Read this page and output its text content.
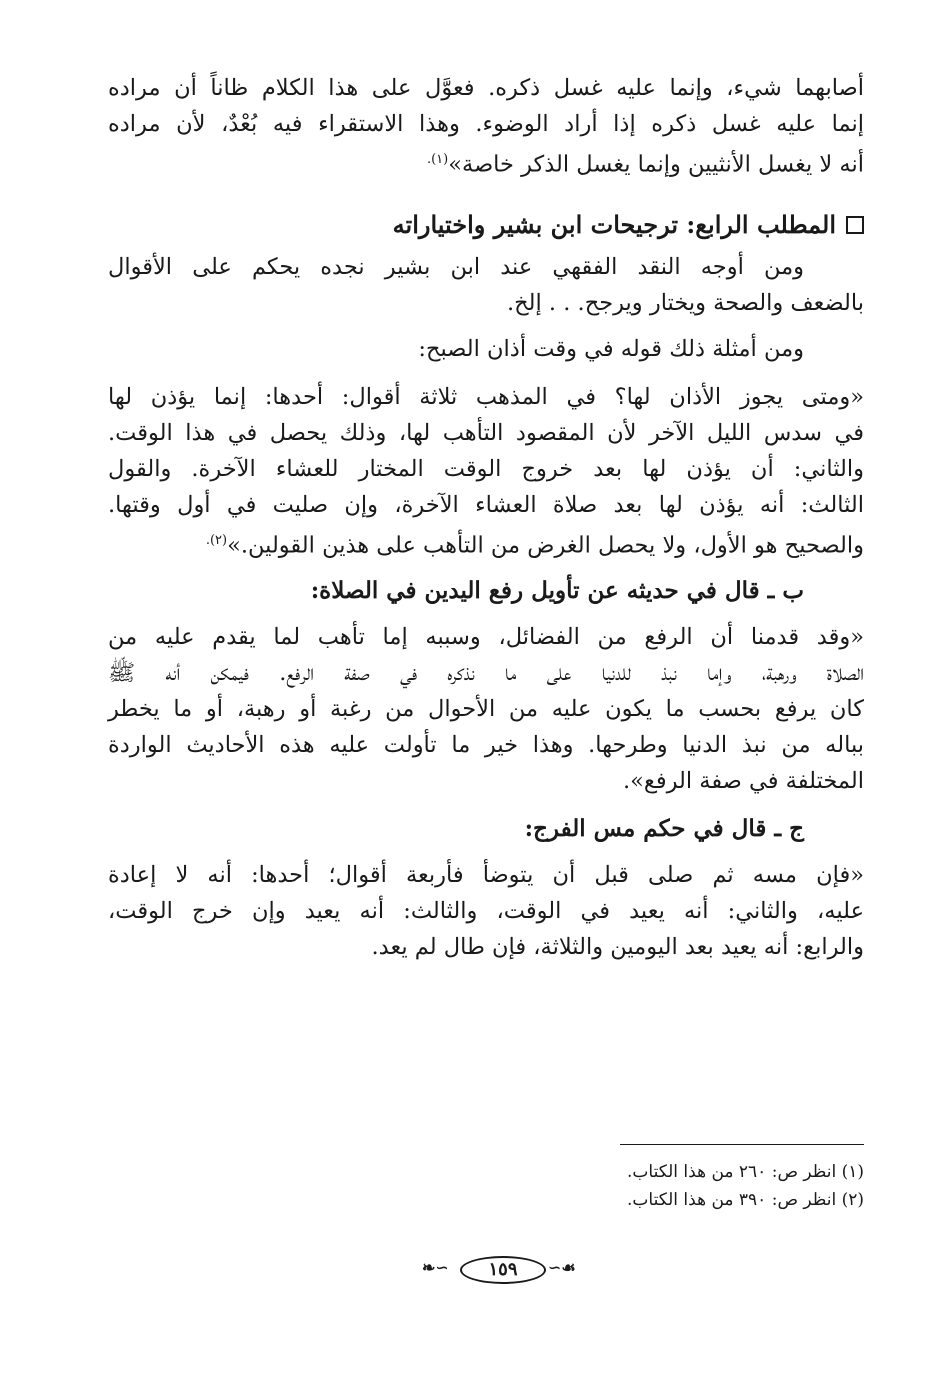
أصابهما شيء، وإنما عليه غسل ذكره. فعوَّل على هذا الكلام ظاناً أن مراده
إنما عليه غسل ذكره إذا أراد الوضوء. وهذا الاستقراء فيه بُعْدٌ، لأن مراده
أنه لا يغسل الأنثيين وإنما يغسل الذكر خاصة»$^{(١).}$
المطلب الرابع: ترجيحات ابن بشير واختياراته
ومن أوجه النقد الفقهي عند ابن بشير نجده يحكم على الأقوال
بالضعف والصحة ويختار ويرجح. . . إلخ.
ومن أمثلة ذلك قوله في وقت أذان الصبح:
«ومتى يجوز الأذان لها؟ في المذهب ثلاثة أقوال: أحدها: إنما يؤذن لها
في سدس الليل الآخر لأن المقصود التأهب لها، وذلك يحصل في هذا الوقت.
والثاني: أن يؤذن لها بعد خروج الوقت المختار للعشاء الآخرة. والقول
الثالث: أنه يؤذن لها بعد صلاة العشاء الآخرة، وإن صليت في أول وقتها.
والصحيح هو الأول، ولا يحصل الغرض من التأهب على هذين القولين.»$^{(٢).}$
ب ـ قال في حديثه عن تأويل رفع اليدين في الصلاة:
«وقد قدمنا أن الرفع من الفضائل، وسببه إما تأهب لما يقدم عليه من
الصلاة ورهبة، وإما نبذ للدنيا على ما نذكره في صفة الرفع. فيمكن أنه ﷺ
كان يرفع بحسب ما يكون عليه من الأحوال من رغبة أو رهبة، أو ما يخطر
بباله من نبذ الدنيا وطرحها. وهذا خير ما تأولت عليه هذه الأحاديث الواردة
المختلفة في صفة الرفع».
ج ـ قال في حكم مس الفرج:
«فإن مسه ثم صلى قبل أن يتوضأ فأربعة أقوال؛ أحدها: أنه لا إعادة
عليه، والثاني: أنه يعيد في الوقت، والثالث: أنه يعيد وإن خرج الوقت،
والرابع: أنه يعيد بعد اليومين والثلاثة، فإن طال لم يعد.
(١) انظر ص: ٢٦٠ من هذا الكتاب.
(٢) انظر ص: ٣٩٠ من هذا الكتاب.
❧∽	١٥٩	∽☙
